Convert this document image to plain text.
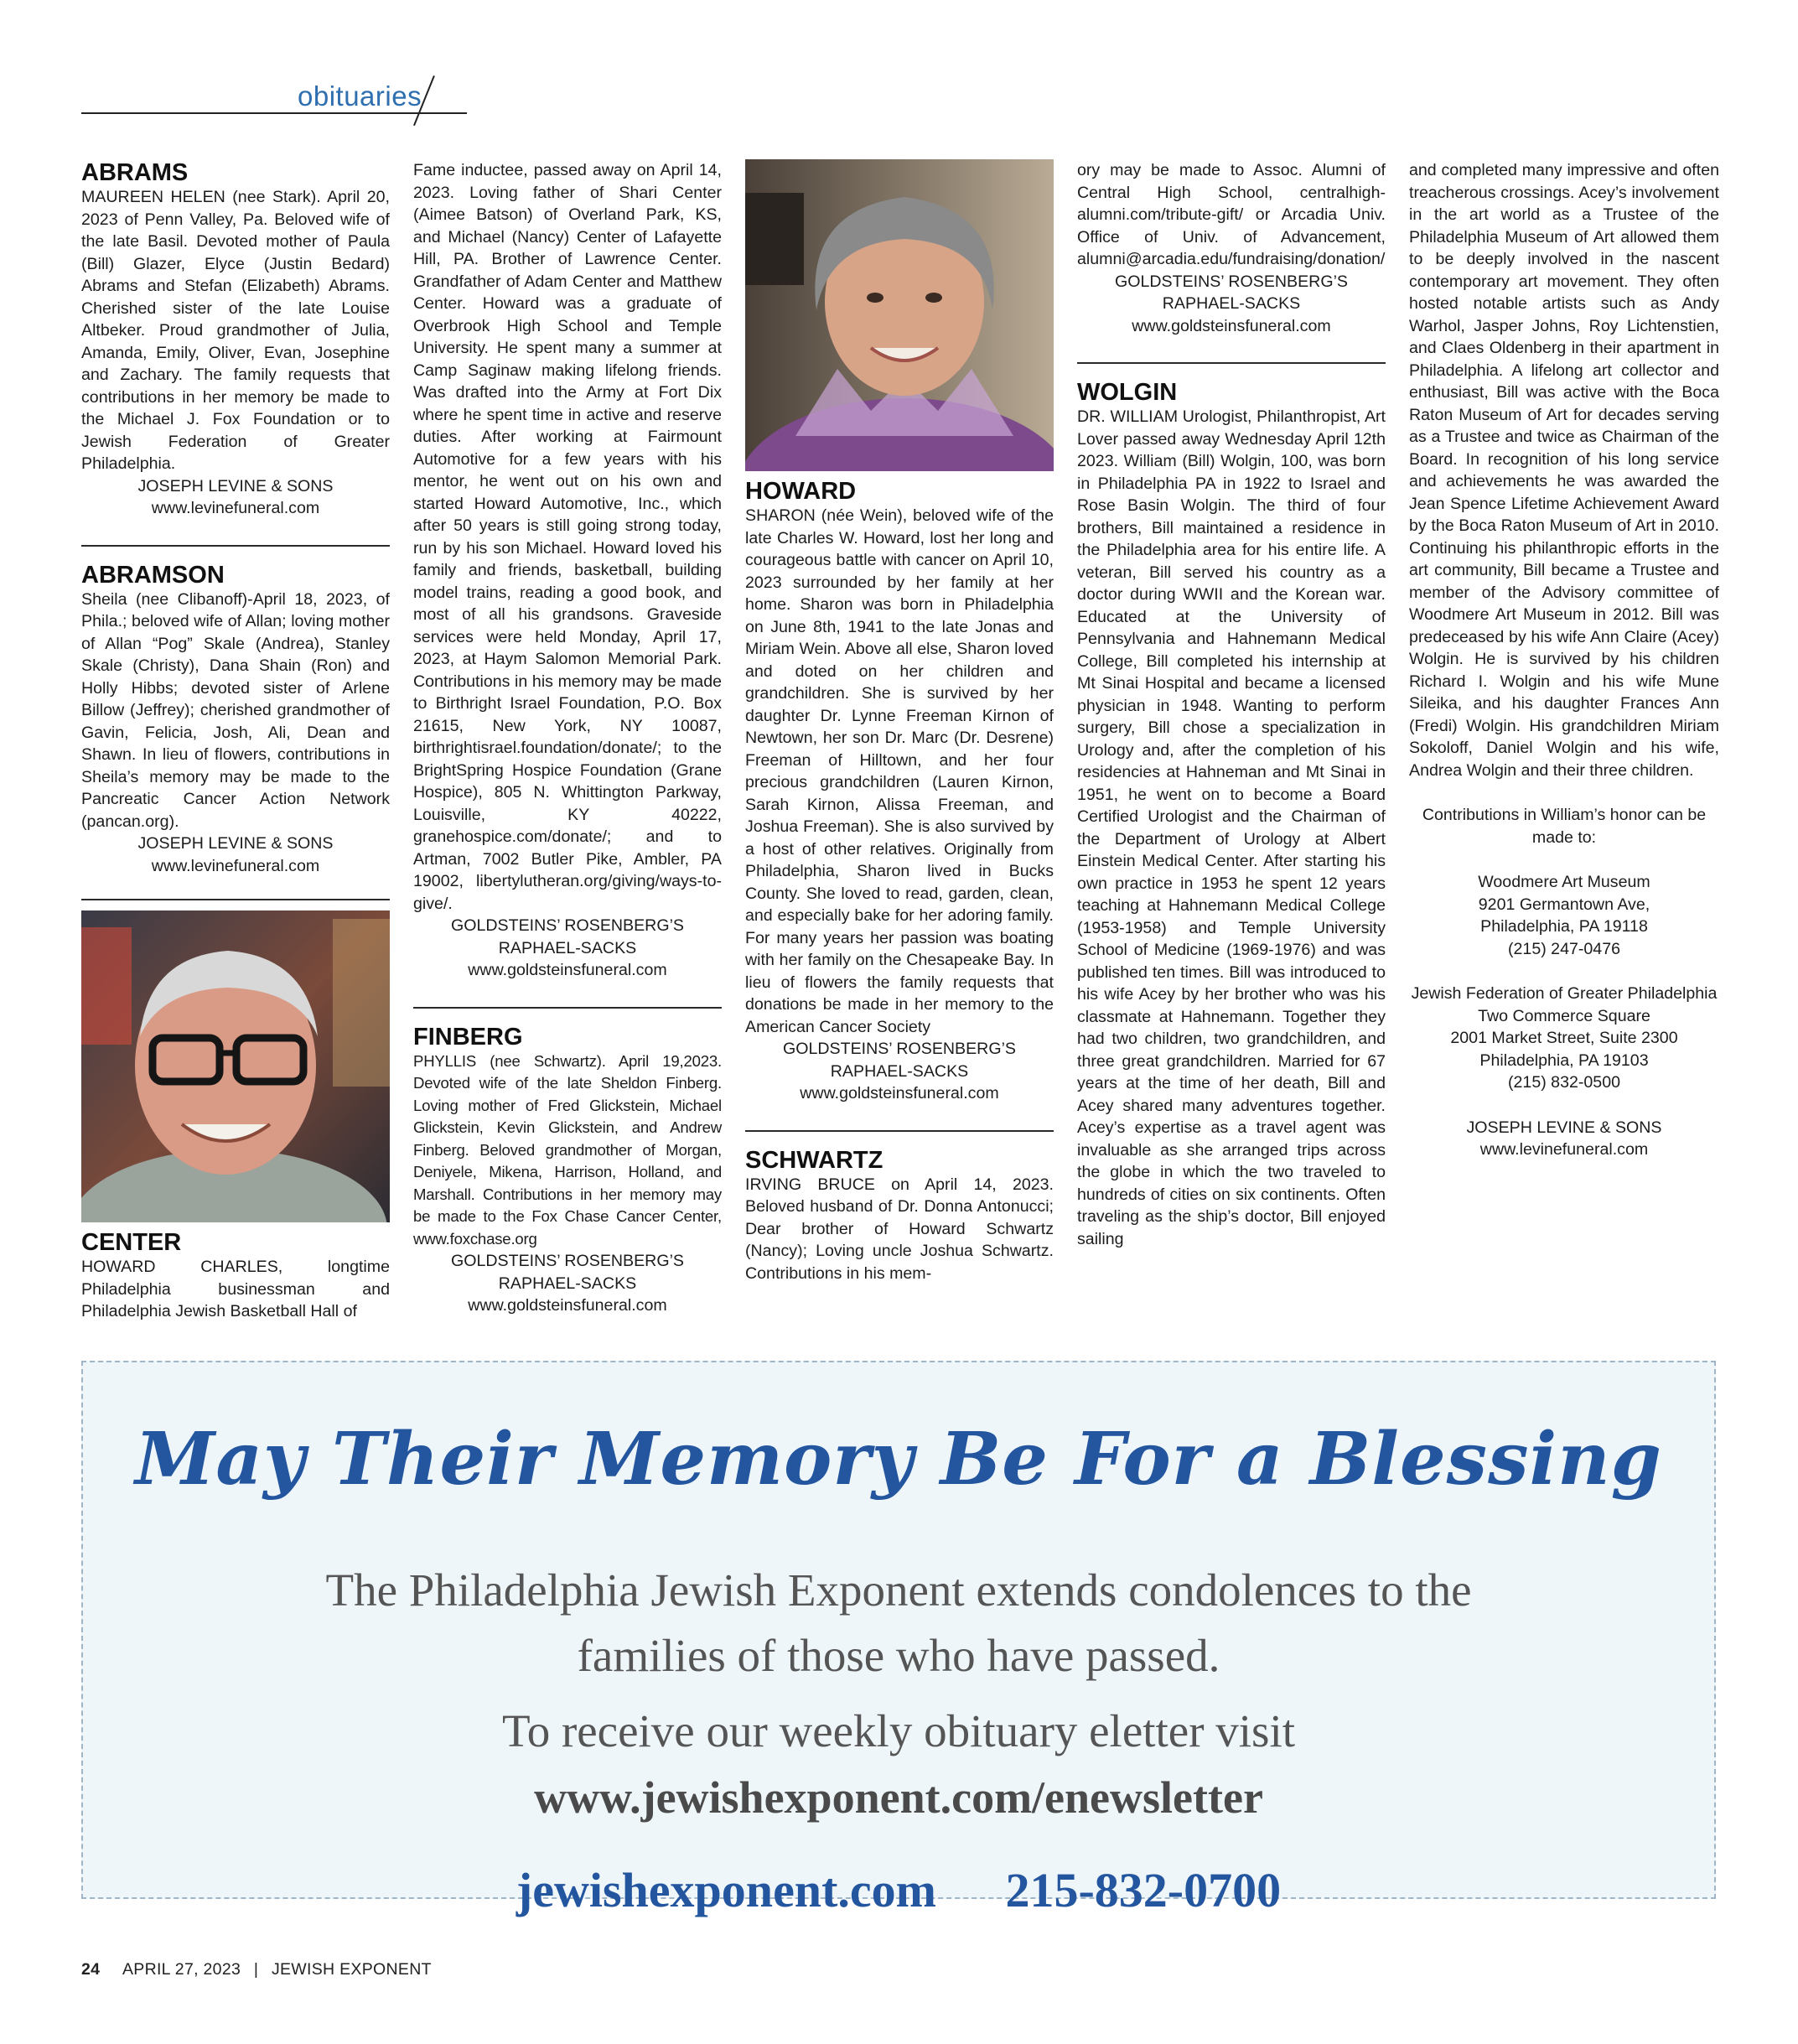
obituaries
ABRAMS

MAUREEN HELEN (nee Stark). April 20, 2023 of Penn Valley, Pa. Beloved wife of the late Basil. Devoted mother of Paula (Bill) Glazer, Elyce (Justin Bedard) Abrams and Stefan (Elizabeth) Abrams. Cherished sister of the late Louise Altbeker. Proud grandmother of Julia, Amanda, Emily, Oliver, Evan, Josephine and Zachary. The family requests that contributions in her memory be made to the Michael J. Fox Foundation or to Jewish Federation of Greater Philadelphia.

JOSEPH LEVINE & SONS

www.levinefuneral.com

ABRAMSON

Sheila (nee Clibanoff)-April 18, 2023, of Phila.; beloved wife of Allan; loving mother of Allan “Pog” Skale (Andrea), Stanley Skale (Christy), Dana Shain (Ron) and Holly Hibbs; devoted sister of Arlene Billow (Jeffrey); cherished grandmother of Gavin, Felicia, Josh, Ali, Dean and Shawn. In lieu of flowers, contributions in Sheila’s memory may be made to the Pancreatic Cancer Action Network (pancan.org).

JOSEPH LEVINE & SONS

www.levinefuneral.com

CENTER

HOWARD CHARLES, longtime Philadelphia businessman and Philadelphia Jewish Basketball Hall of

Fame inductee, passed away on April 14, 2023. Loving father of Shari Center (Aimee Batson) of Overland Park, KS, and Michael (Nancy) Center of Lafayette Hill, PA. Brother of Lawrence Center. Grandfather of Adam Center and Matthew Center. Howard was a graduate of Overbrook High School and Temple University. He spent many a summer at Camp Saginaw making lifelong friends. Was drafted into the Army at Fort Dix where he spent time in active and reserve duties. After working at Fairmount Automotive for a few years with his mentor, he went out on his own and started Howard Automotive, Inc., which after 50 years is still going strong today, run by his son Michael. Howard loved his family and friends, basketball, building model trains, reading a good book, and most of all his grandsons. Graveside services were held Monday, April 17, 2023, at Haym Salomon Memorial Park. Contributions in his memory may be made to Birthright Israel Foundation, P.O. Box 21615, New York, NY 10087, birthrightisrael.foundation/donate/; to the BrightSpring Hospice Foundation (Grane Hospice), 805 N. Whittington Parkway, Louisville, KY 40222, granehospice.com/donate/; and to Artman, 7002 Butler Pike, Ambler, PA 19002, libertylutheran.org/giving/ways-to-give/.

GOLDSTEINS’ ROSENBERG’S

RAPHAEL-SACKS

www.goldsteinsfuneral.com

FINBERG

PHYLLIS (nee Schwartz). April 19,2023. Devoted wife of the late Sheldon Finberg. Loving mother of Fred Glickstein, Michael Glickstein, Kevin Glickstein, and Andrew Finberg. Beloved grandmother of Morgan, Deniyele, Mikena, Harrison, Holland, and Marshall. Contributions in her memory may be made to the Fox Chase Cancer Center, www.foxchase.org

GOLDSTEINS’ ROSENBERG’S

RAPHAEL-SACKS

www.goldsteinsfuneral.com

HOWARD

SHARON (née Wein), beloved wife of the late Charles W. Howard, lost her long and courageous battle with cancer on April 10, 2023 surrounded by her family at her home. Sharon was born in Philadelphia on June 8th, 1941 to the late Jonas and Miriam Wein. Above all else, Sharon loved and doted on her children and grandchildren. She is survived by her daughter Dr. Lynne Freeman Kirnon of Newtown, her son Dr. Marc (Dr. Desrene) Freeman of Hilltown, and her four precious grandchildren (Lauren Kirnon, Sarah Kirnon, Alissa Freeman, and Joshua Freeman). She is also survived by a host of other relatives. Originally from Philadelphia, Sharon lived in Bucks County. She loved to read, garden, clean, and especially bake for her adoring family. For many years her passion was boating with her family on the Chesapeake Bay. In lieu of flowers the family requests that donations be made in her memory to the American Cancer Society

GOLDSTEINS’ ROSENBERG’S

RAPHAEL-SACKS

www.goldsteinsfuneral.com

SCHWARTZ

IRVING BRUCE on April 14, 2023. Beloved husband of Dr. Donna Antonucci; Dear brother of Howard Schwartz (Nancy); Loving uncle Joshua Schwartz. Contributions in his mem-

ory may be made to Assoc. Alumni of Central High School, centralhigh-alumni.com/tribute-gift/ or Arcadia Univ. Office of Univ. of Advancement, alumni@arcadia.edu/fundraising/donation/

GOLDSTEINS’ ROSENBERG’S

RAPHAEL-SACKS

www.goldsteinsfuneral.com

WOLGIN

DR. WILLIAM Urologist, Philanthropist, Art Lover passed away Wednesday April 12th 2023. William (Bill) Wolgin, 100, was born in Philadelphia PA in 1922 to Israel and Rose Basin Wolgin. The third of four brothers, Bill maintained a residence in the Philadelphia area for his entire life. A veteran, Bill served his country as a doctor during WWII and the Korean war. Educated at the University of Pennsylvania and Hahnemann Medical College, Bill completed his internship at Mt Sinai Hospital and became a licensed physician in 1948. Wanting to perform surgery, Bill chose a specialization in Urology and, after the completion of his residencies at Hahneman and Mt Sinai in 1951, he went on to become a Board Certified Urologist and the Chairman of the Department of Urology at Albert Einstein Medical Center. After starting his own practice in 1953 he spent 12 years teaching at Hahnemann Medical College (1953-1958) and Temple University School of Medicine (1969-1976) and was published ten times. Bill was introduced to his wife Acey by her brother who was his classmate at Hahnemann. Together they had two children, two grandchildren, and three great grandchildren. Married for 67 years at the time of her death, Bill and Acey shared many adventures together. Acey’s expertise as a travel agent was invaluable as she arranged trips across the globe in which the two traveled to hundreds of cities on six continents. Often traveling as the ship’s doctor, Bill enjoyed sailing

and completed many impressive and often treacherous crossings. Acey’s involvement in the art world as a Trustee of the Philadelphia Museum of Art allowed them to be deeply involved in the nascent contemporary art movement. They often hosted notable artists such as Andy Warhol, Jasper Johns, Roy Lichtenstien, and Claes Oldenberg in their apartment in Philadelphia. A lifelong art collector and enthusiast, Bill was active with the Boca Raton Museum of Art for decades serving as a Trustee and twice as Chairman of the Board. In recognition of his long service and achievements he was awarded the Jean Spence Lifetime Achievement Award by the Boca Raton Museum of Art in 2010. Continuing his philanthropic efforts in the art community, Bill became a Trustee and member of the Advisory committee of Woodmere Art Museum in 2012. Bill was predeceased by his wife Ann Claire (Acey) Wolgin. He is survived by his children Richard I. Wolgin and his wife Mune Sileika, and his daughter Frances Ann (Fredi) Wolgin. His grandchildren Miriam Sokoloff, Daniel Wolgin and his wife, Andrea Wolgin and their three children.

Contributions in William’s honor can be made to:

Woodmere Art Museum

9201 Germantown Ave,

Philadelphia, PA 19118

(215) 247-0476

Jewish Federation of Greater Philadelphia

Two Commerce Square

2001 Market Street, Suite 2300

Philadelphia, PA 19103

(215) 832-0500

JOSEPH LEVINE & SONS

www.levinefuneral.com

May Their Memory Be For a Blessing
The Philadelphia Jewish Exponent extends condolences to the
families of those who have passed.
To receive our weekly obituary eletter visit
www.jewishexponent.com/enewsletter
jewishexponent.com 215-832-0700
24 APRIL 27, 2023 | JEWISH EXPONENT
